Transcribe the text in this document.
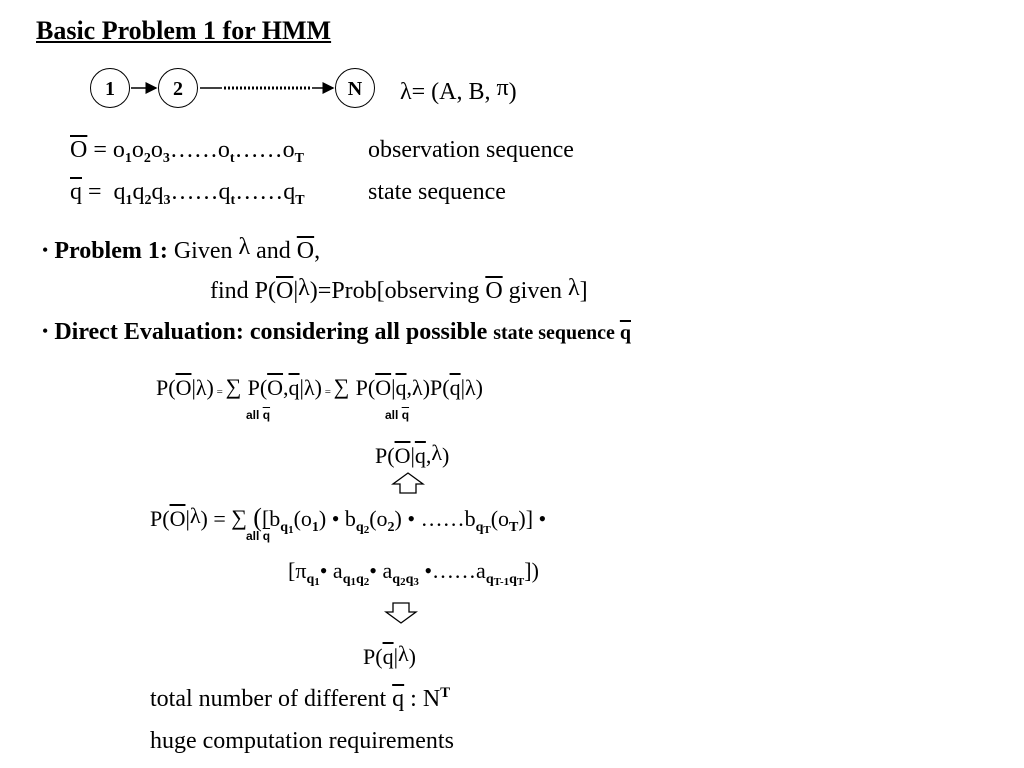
Basic Problem 1 for HMM
1	2	N	λ= (A, B, π)
$\overline{O}$ = $o_1o_2o_3\dots\dots o_t\dots\dots o_T$	observation sequence
$\overline{q}$ =  $q_1q_2q_3\dots\dots q_t\dots\dots q_T$	state sequence
• Problem 1: Given λ and $\overline{O}$,
find $P(\overline{O}|\lambda)=Prob[observing$ $\overline{O}$ given λ]
• Direct Evaluation: considering all possible state sequence $\overline{q}$
$P(\overline{O}|\lambda)$ = ∑ $P(\overline{O},\overline{q}|\lambda)$ = ∑ $P(\overline{O}|\overline{q},\lambda)P(\overline{q}|\lambda)$
all $\overline{q}$	all $\overline{q}$
$P(\overline{O}|\overline{q},\lambda)$
$P(\overline{O}|\lambda)$ = ∑ ([$b_{q1}(o_1)$ • $b_{q2}(o_2)$ • $\dots\dots b_{qT}(o_T)$] •
all $\overline{q}$
[$\pi_{q1}•$ $a_{q1q2}•$ $a_{q2q3}$ $•\dots\dots a_{qT-1qT}$])
$P(\overline{q}|\lambda)$
total number of different $\overline{q}$ : $N^T$
huge computation requirements
